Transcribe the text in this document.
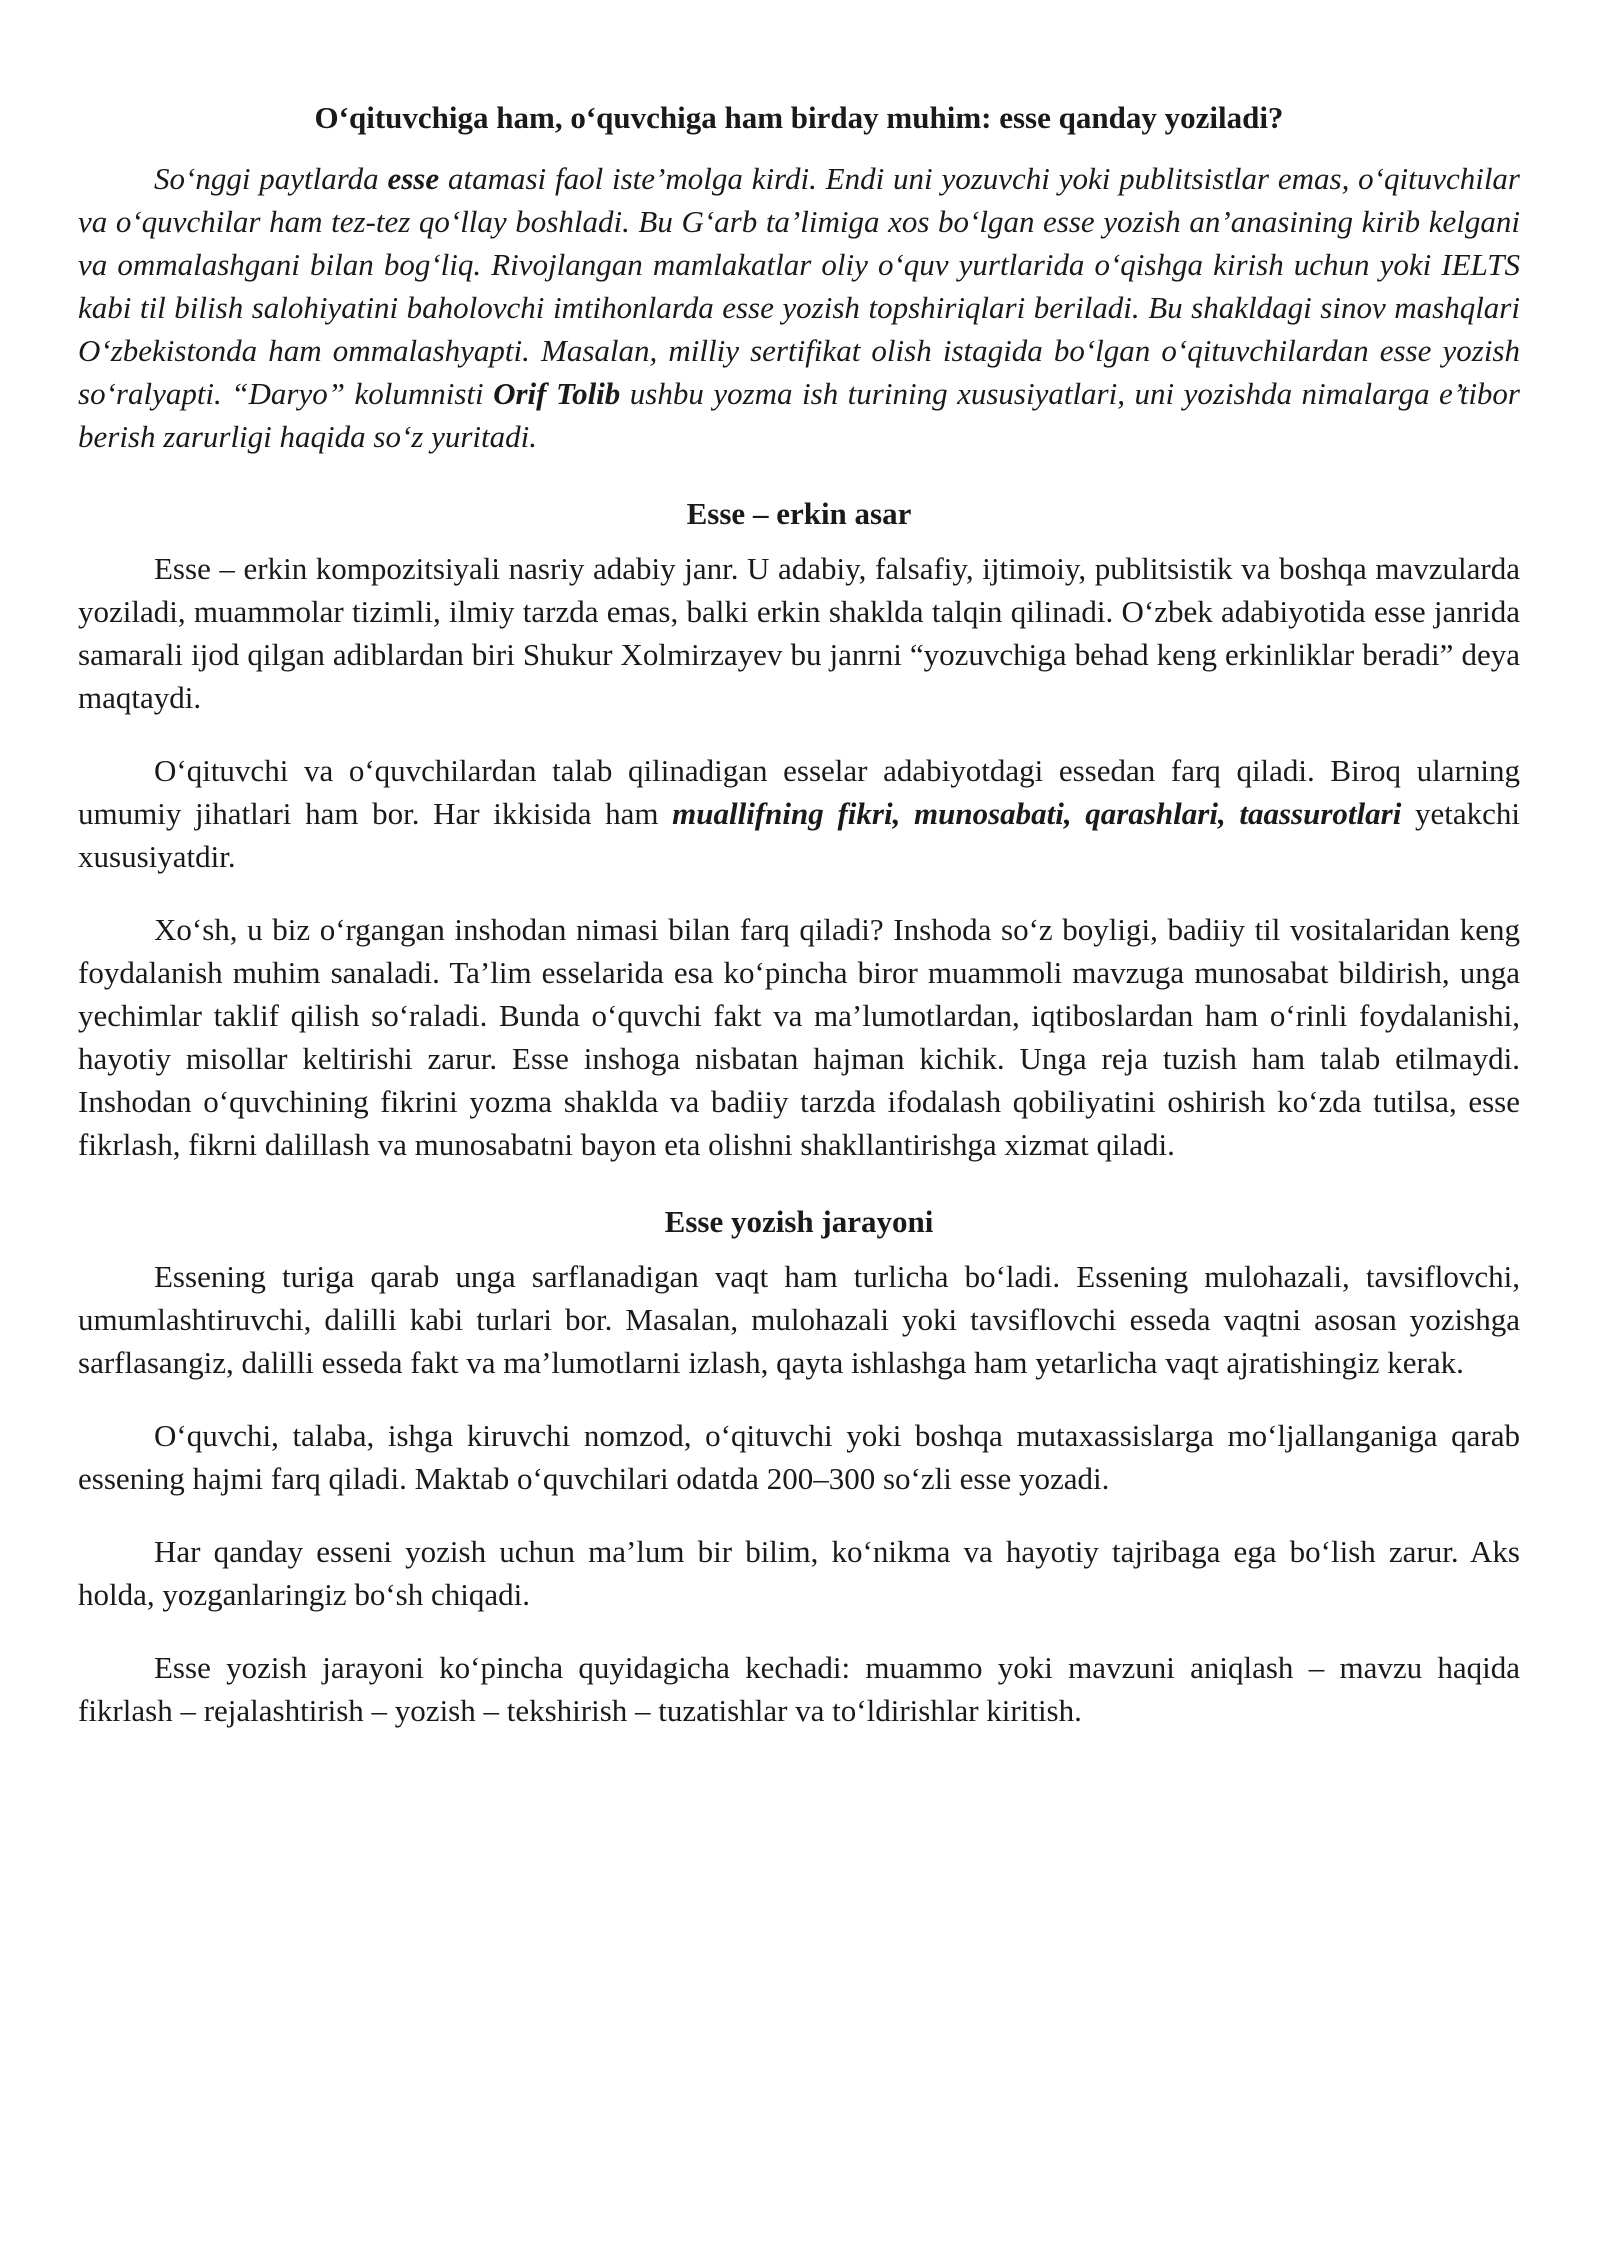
O‘qituvchiga ham, o‘quvchiga ham birday muhim: esse qanday yoziladi?

So‘nggi paytlarda esse atamasi faol iste’molga kirdi. Endi uni yozuvchi yoki publitsistlar emas, o‘qituvchilar va o‘quvchilar ham tez-tez qo‘llay boshladi. Bu G‘arb ta’limiga xos bo‘lgan esse yozish an’anasining kirib kelgani va ommalashgani bilan bog‘liq. Rivojlangan mamlakatlar oliy o‘quv yurtlarida o‘qishga kirish uchun yoki IELTS kabi til bilish salohiyatini baholovchi imtihonlarda esse yozish topshiriqlari beriladi. Bu shakldagi sinov mashqlari O‘zbekistonda ham ommalashyapti. Masalan, milliy sertifikat olish istagida bo‘lgan o‘qituvchilardan esse yozish so‘ralyapti. “Daryo” kolumnisti Orif Tolib ushbu yozma ish turining xususiyatlari, uni yozishda nimalarga e’tibor berish zarurligi haqida so‘z yuritadi.

Esse – erkin asar

Esse – erkin kompozitsiyali nasriy adabiy janr. U adabiy, falsafiy, ijtimoiy, publitsistik va boshqa mavzularda yoziladi, muammolar tizimli, ilmiy tarzda emas, balki erkin shaklda talqin qilinadi. O‘zbek adabiyotida esse janrida samarali ijod qilgan adiblardan biri Shukur Xolmirzayev bu janrni “yozuvchiga behad keng erkinliklar beradi” deya maqtaydi.

O‘qituvchi va o‘quvchilardan talab qilinadigan esselar adabiyotdagi essedan farq qiladi. Biroq ularning umumiy jihatlari ham bor. Har ikkisida ham muallifning fikri, munosabati, qarashlari, taassurotlari yetakchi xususiyatdir.

Xo‘sh, u biz o‘rgangan inshodan nimasi bilan farq qiladi? Inshoda so‘z boyligi, badiiy til vositalaridan keng foydalanish muhim sanaladi. Ta’lim esselarida esa ko‘pincha biror muammoli mavzuga munosabat bildirish, unga yechimlar taklif qilish so‘raladi. Bunda o‘quvchi fakt va ma’lumotlardan, iqtiboslardan ham o‘rinli foydalanishi, hayotiy misollar keltirishi zarur. Esse inshoga nisbatan hajman kichik. Unga reja tuzish ham talab etilmaydi. Inshodan o‘quvchining fikrini yozma shaklda va badiiy tarzda ifodalash qobiliyatini oshirish ko‘zda tutilsa, esse fikrlash, fikrni dalillash va munosabatni bayon eta olishni shakllantirishga xizmat qiladi.

Esse yozish jarayoni

Essening turiga qarab unga sarflanadigan vaqt ham turlicha bo‘ladi. Essening mulohazali, tavsiflovchi, umumlashtiruvchi, dalilli kabi turlari bor. Masalan, mulohazali yoki tavsiflovchi esseda vaqtni asosan yozishga sarflasangiz, dalilli esseda fakt va ma’lumotlarni izlash, qayta ishlashga ham yetarlicha vaqt ajratishingiz kerak.

O‘quvchi, talaba, ishga kiruvchi nomzod, o‘qituvchi yoki boshqa mutaxassislarga mo‘ljallanganiga qarab essening hajmi farq qiladi. Maktab o‘quvchilari odatda 200–300 so‘zli esse yozadi.

Har qanday esseni yozish uchun ma’lum bir bilim, ko‘nikma va hayotiy tajribaga ega bo‘lish zarur. Aks holda, yozganlaringiz bo‘sh chiqadi.

Esse yozish jarayoni ko‘pincha quyidagicha kechadi: muammo yoki mavzuni aniqlash – mavzu haqida fikrlash – rejalashtirish – yozish – tekshirish – tuzatishlar va to‘ldirishlar kiritish.
